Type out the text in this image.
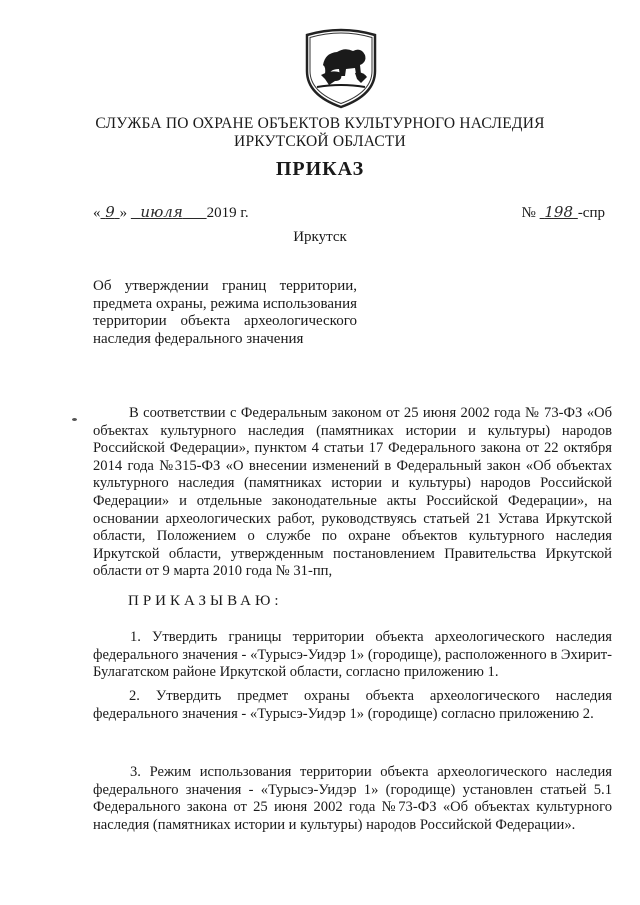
СЛУЖБА ПО ОХРАНЕ ОБЪЕКТОВ КУЛЬТУРНОГО НАСЛЕДИЯ
ИРКУТСКОЙ ОБЛАСТИ
ПРИКАЗ
« 9 » июля 2019 г.	№ 198 -спр
Иркутск
Об утверждении границ территории, предмета охраны, режима использования территории объекта археологического наследия федерального значения
В соответствии с Федеральным законом от 25 июня 2002 года № 73-ФЗ «Об объектах культурного наследия (памятниках истории и культуры) народов Российской Федерации», пунктом 4 статьи 17 Федерального закона от 22 октября 2014 года №315-ФЗ «О внесении изменений в Федеральный закон «Об объектах культурного наследия (памятниках истории и культуры) народов Российской Федерации» и отдельные законодательные акты Российской Федерации», на основании археологических работ, руководствуясь статьей 21 Устава Иркутской области, Положением о службе по охране объектов культурного наследия Иркутской области, утвержденным постановлением Правительства Иркутской области от 9 марта 2010 года № 31-пп,
ПРИКАЗЫВАЮ:
1. Утвердить границы территории объекта археологического наследия федерального значения - «Турысэ-Уидэр 1» (городище), расположенного в Эхирит-Булагатском районе Иркутской области, согласно приложению 1.
2. Утвердить предмет охраны объекта археологического наследия федерального значения - «Турысэ-Уидэр 1» (городище) согласно приложению 2.
3. Режим использования территории объекта археологического наследия федерального значения - «Турысэ-Уидэр 1» (городище) установлен статьей 5.1 Федерального закона от 25 июня 2002 года №73-ФЗ «Об объектах культурного наследия (памятниках истории и культуры) народов Российской Федерации».
